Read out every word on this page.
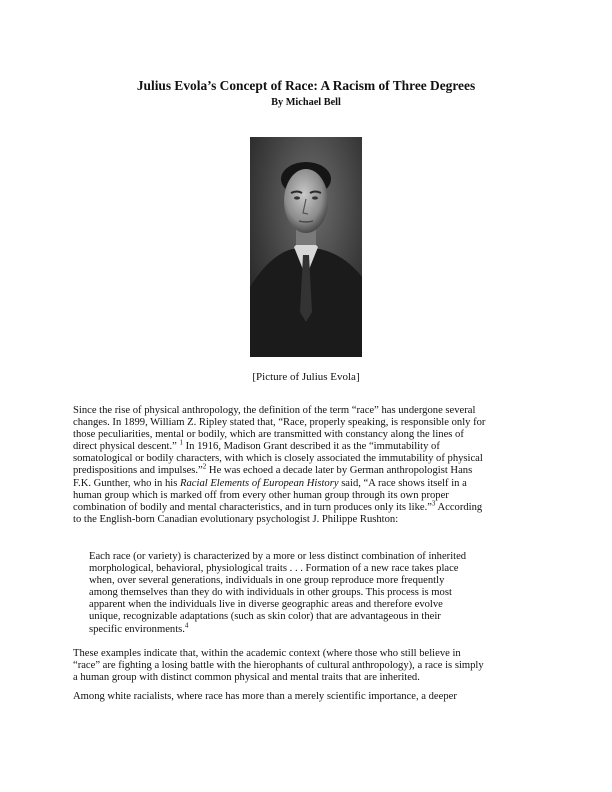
Julius Evola’s Concept of Race: A Racism of Three Degrees
By Michael Bell
[Picture of Julius Evola]
Since the rise of physical anthropology, the definition of the term “race” has undergone several
changes. In 1899, William Z. Ripley stated that, “Race, properly speaking, is responsible only for
those peculiarities, mental or bodily, which are transmitted with constancy along the lines of
direct physical descent.” $^1$ In 1916, Madison Grant described it as the “immutability of
somatological or bodily characters, with which is closely associated the immutability of physical
predispositions and impulses.”$^2$ He was echoed a decade later by German anthropologist Hans
F.K. Gunther, who in his Racial Elements of European History said, “A race shows itself in a
human group which is marked off from every other human group through its own proper
combination of bodily and mental characteristics, and in turn produces only its like.”$^3$ According
to the English-born Canadian evolutionary psychologist J. Philippe Rushton:
Each race (or variety) is characterized by a more or less distinct combination of inherited
morphological, behavioral, physiological traits . . . Formation of a new race takes place
when, over several generations, individuals in one group reproduce more frequently
among themselves than they do with individuals in other groups. This process is most
apparent when the individuals live in diverse geographic areas and therefore evolve
unique, recognizable adaptations (such as skin color) that are advantageous in their
specific environments.$^4$
These examples indicate that, within the academic context (where those who still believe in
“race” are fighting a losing battle with the hierophants of cultural anthropology), a race is simply
a human group with distinct common physical and mental traits that are inherited.
Among white racialists, where race has more than a merely scientific importance, a deeper
